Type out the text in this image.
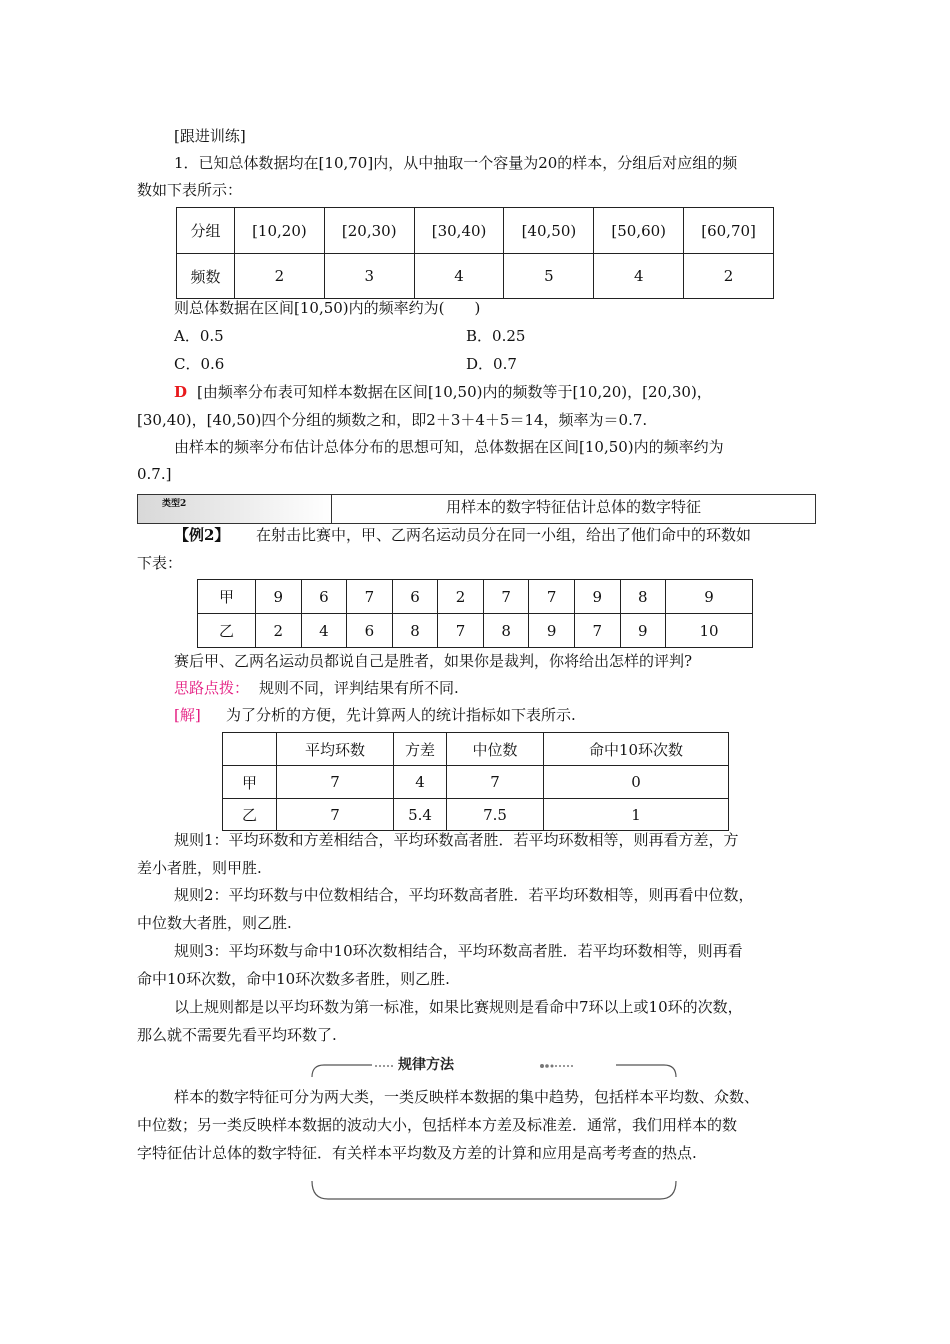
[跟进训练]
1．已知总体数据均在[10,70]内，从中抽取一个容量为20的样本，分组后对应组的频
数如下表所示：
分组	[10,20)	[20,30)	[30,40)	[40,50)	[50,60)	[60,70]
频数	2	3	4	5	4	2
则总体数据在区间[10,50)内的频率约为(　　)
A．0.5	B．0.25
C．0.6	D．0.7
D [由频率分布表可知样本数据在区间[10,50)内的频数等于[10,20)，[20,30)，
[30,40)，[40,50)四个分组的频数之和，即2＋3＋4＋5＝14，频率为＝0.7.
由样本的频率分布估计总体分布的思想可知，总体数据在区间[10,50)内的频率约为
0.7.]
类型2	用样本的数字特征估计总体的数字特征
【例2】 在射击比赛中，甲、乙两名运动员分在同一小组，给出了他们命中的环数如
下表：
甲	9	6	7	6	2	7	7	9	8	9
乙	2	4	6	8	7	8	9	7	9	10
赛后甲、乙两名运动员都说自己是胜者，如果你是裁判，你将给出怎样的评判?
思路点拨： 规则不同，评判结果有所不同.
[解] 为了分析的方便，先计算两人的统计指标如下表所示.
	平均环数	方差	中位数	命中10环次数
甲	7	4	7	0
乙	7	5.4	7.5	1
规则1：平均环数和方差相结合，平均环数高者胜．若平均环数相等，则再看方差，方
差小者胜，则甲胜.
规则2：平均环数与中位数相结合，平均环数高者胜．若平均环数相等，则再看中位数，
中位数大者胜，则乙胜.
规则3：平均环数与命中10环次数相结合，平均环数高者胜．若平均环数相等，则再看
命中10环次数，命中10环次数多者胜，则乙胜.
以上规则都是以平均环数为第一标准，如果比赛规则是看命中7环以上或10环的次数，
那么就不需要先看平均环数了.
规律方法
样本的数字特征可分为两大类，一类反映样本数据的集中趋势，包括样本平均数、众数、
中位数；另一类反映样本数据的波动大小，包括样本方差及标准差．通常，我们用样本的数
字特征估计总体的数字特征．有关样本平均数及方差的计算和应用是高考考查的热点.
